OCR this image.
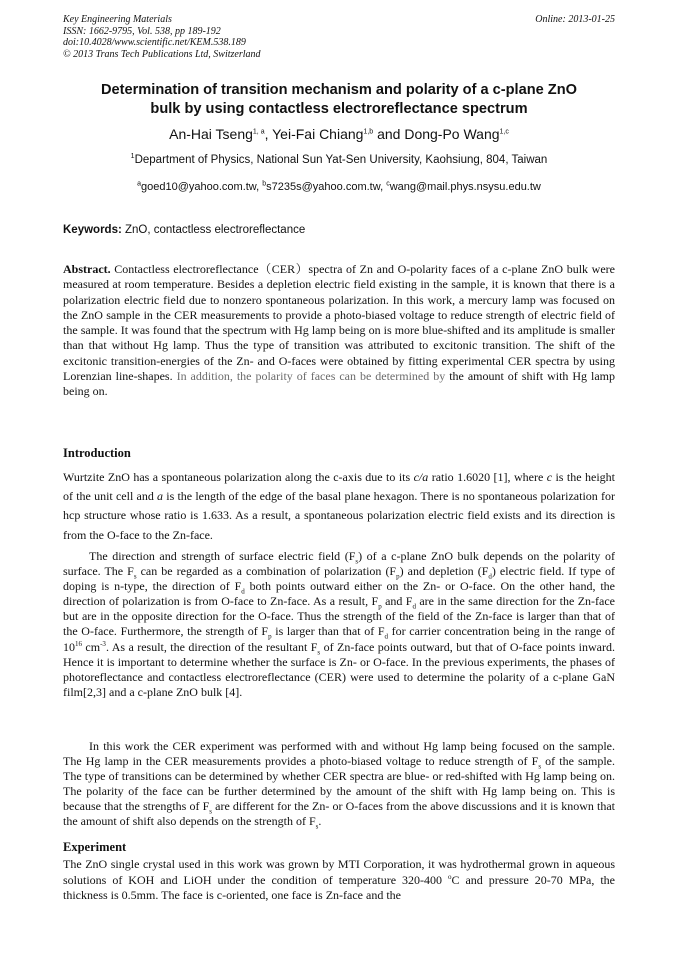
Key Engineering Materials
ISSN: 1662-9795, Vol. 538, pp 189-192
doi:10.4028/www.scientific.net/KEM.538.189
© 2013 Trans Tech Publications Ltd, Switzerland
Online: 2013-01-25
Determination of transition mechanism and polarity of a c-plane ZnO
bulk by using contactless electroreflectance spectrum
An-Hai Tseng$^{1, a}$, Yei-Fai Chiang$^{1,b}$ and Dong-Po Wang$^{1,c}$
$^1$Department of Physics, National Sun Yat-Sen University, Kaohsiung, 804, Taiwan
$^a$goed10@yahoo.com.tw, $^b$s7235s@yahoo.com.tw, $^c$wang@mail.phys.nsysu.edu.tw
Keywords: ZnO, contactless electroreflectance
Abstract. Contactless electroreflectance（CER）spectra of Zn and O-polarity faces of a c-plane ZnO bulk were measured at room temperature. Besides a depletion electric field existing in the sample, it is known that there is a polarization electric field due to nonzero spontaneous polarization. In this work, a mercury lamp was focused on the ZnO sample in the CER measurements to provide a photo-biased voltage to reduce strength of electric field of the sample. It was found that the spectrum with Hg lamp being on is more blue-shifted and its amplitude is smaller than that without Hg lamp. Thus the type of transition was attributed to excitonic transition. The shift of the excitonic transition-energies of the Zn- and O-faces were obtained by fitting experimental CER spectra by using Lorenzian line-shapes. In addition, the polarity of faces can be determined by the amount of shift with Hg lamp being on.
Introduction

Wurtzite ZnO has a spontaneous polarization along the c-axis due to its c/a ratio 1.6020 [1], where c is the height of the unit cell and a is the length of the edge of the basal plane hexagon. There is no spontaneous polarization for hcp structure whose ratio is 1.633. As a result, a spontaneous polarization electric field exists and its direction is from the O-face to the Zn-face.

The direction and strength of surface electric field $(F_s)$ of a c-plane ZnO bulk depends on the polarity of surface. The $F_s$ can be regarded as a combination of polarization $(F_p)$ and depletion $(F_d)$ electric field. If type of doping is n-type, the direction of $F_d$ both points outward either on the Zn- or O-face. On the other hand, the direction of polarization is from O-face to Zn-face. As a result, $F_p$ and $F_d$ are in the same direction for the Zn-face but are in the opposite direction for the O-face. Thus the strength of the field of the Zn-face is larger than that of the O-face. Furthermore, the strength of $F_p$ is larger than that of $F_d$ for carrier concentration being in the range of $10^{16}$ $cm^{-3}$. As a result, the direction of the resultant $F_s$ of Zn-face points outward, but that of O-face points inward. Hence it is important to determine whether the surface is Zn- or O-face. In the previous experiments, the phases of photoreflectance and contactless electroreflectance (CER) were used to determine the polarity of a c-plane GaN film[2,3] and a c-plane ZnO bulk [4].

In this work the CER experiment was performed with and without Hg lamp being focused on the sample. The Hg lamp in the CER measurements provides a photo-biased voltage to reduce strength of $F_s$ of the sample. The type of transitions can be determined by whether CER spectra are blue- or red-shifted with Hg lamp being on. The polarity of the face can be further determined by the amount of the shift with Hg lamp being on. This is because that the strengths of $F_s$ are different for the Zn- or O-faces from the above discussions and it is known that the amount of shift also depends on the strength of $F_s$.

Experiment

The ZnO single crystal used in this work was grown by MTI Corporation, it was hydrothermal grown in aqueous solutions of KOH and LiOH under the condition of temperature 320-400 $^o$C and pressure 20-70 MPa, the thickness is 0.5mm. The face is c-oriented, one face is Zn-face and the
